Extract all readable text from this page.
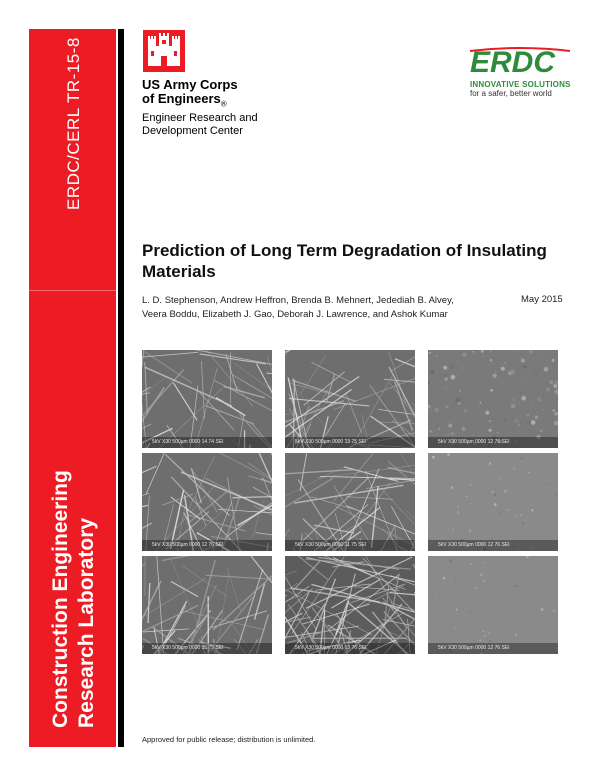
ERDC/CERL TR-15-8
Construction Engineering Research Laboratory
US Army Corps
of Engineers$_®$
Engineer Research and
Development Center
ERDC
INNOVATIVE SOLUTIONS
for a safer, better world
Prediction of Long Term Degradation of Insulating Materials
L. D. Stephenson, Andrew Heffron, Brenda B. Mehnert, Jedediah B. Alvey,
Veera Boddu, Elizabeth J. Gao, Deborah J. Lawrence, and Ashok Kumar
May 2015
5kV X30 500µm 0000 14 74 SEI	5kV X30 500µm 0000 13 75 SEI	5kV X30 500µm 0000 12 76 SEI
5kV X30 500µm 0000 12 76 SEI	5kV X30 500µm 0000 11 75 SEI	5kV X30 500µm 0000 12 76 SEI
5kV X30 500µm 0000 35 75 SEI	5kV X30 500µm 0000 13 76 SEI	5kV X30 500µm 0000 12 76 SEI
Approved for public release; distribution is unlimited.
